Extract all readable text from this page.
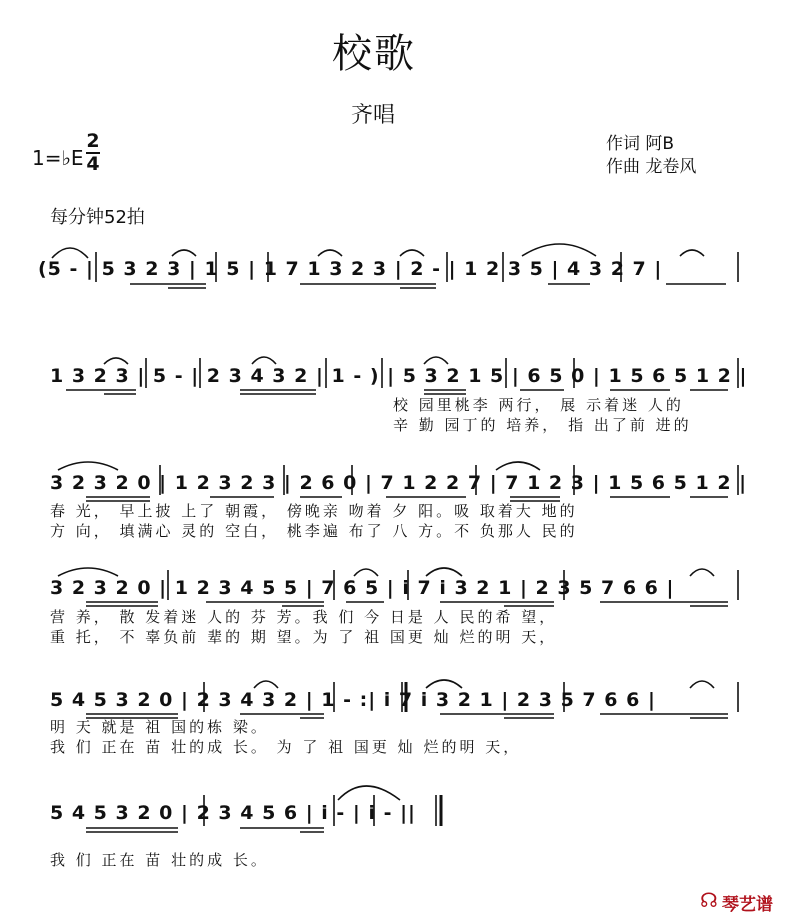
校歌
齐唱
1=♭E
2
4
作词 阿B
作曲 龙卷风
每分钟52拍
(5 - | 5 3 2 3 | 1 5 | 1 7 1 3 2 3 | 2 - | 1 2 3 5 | 4 3 2 7 |
1 3 2 3 | 5 - | 2 3 4 3 2 | 1 - ) | 5 3 2 1 5 | 6 5 0 | 1 5 6 5 1 2 |
校 园里桃李 两行， 展 示着迷 人的
辛 勤 园丁的 培养， 指 出了前 进的
3 2 3 2 0 | 1 2 3 2 3 | 2 6 0 | 7 1 2 2 7 | 7 1 2 3 | 1 5 6 5 1 2 |
春 光， 早上披 上了 朝霞， 傍晚亲 吻着 夕 阳。吸 取着大 地的
方 向， 填满心 灵的 空白， 桃李遍 布了 八 方。不 负那人 民的
3 2 3 2 0 | 1 2 3 4 5 5 | 7 6 5 | i 7 i 3 2 1 | 2 3 5 7 6 6 |
营 养， 散 发着迷 人的 芬 芳。我 们 今 日是 人 民的希 望，
重 托， 不 辜负前 辈的 期 望。为 了 祖 国更 灿 烂的明 天，
5 4 5 3 2 0 | 2 3 4 3 2 | 1 - :| i 7 i 3 2 1 | 2 3 5 7 6 6 |
明 天 就是 祖 国的栋 梁。
我 们 正在 苗 壮的成 长。 为 了 祖 国更 灿 烂的明 天，
5 4 5 3 2 0 | 2 3 4 5 6 | i - | i - ||
我 们 正在 苗 壮的成 长。
☊ 琴艺谱
